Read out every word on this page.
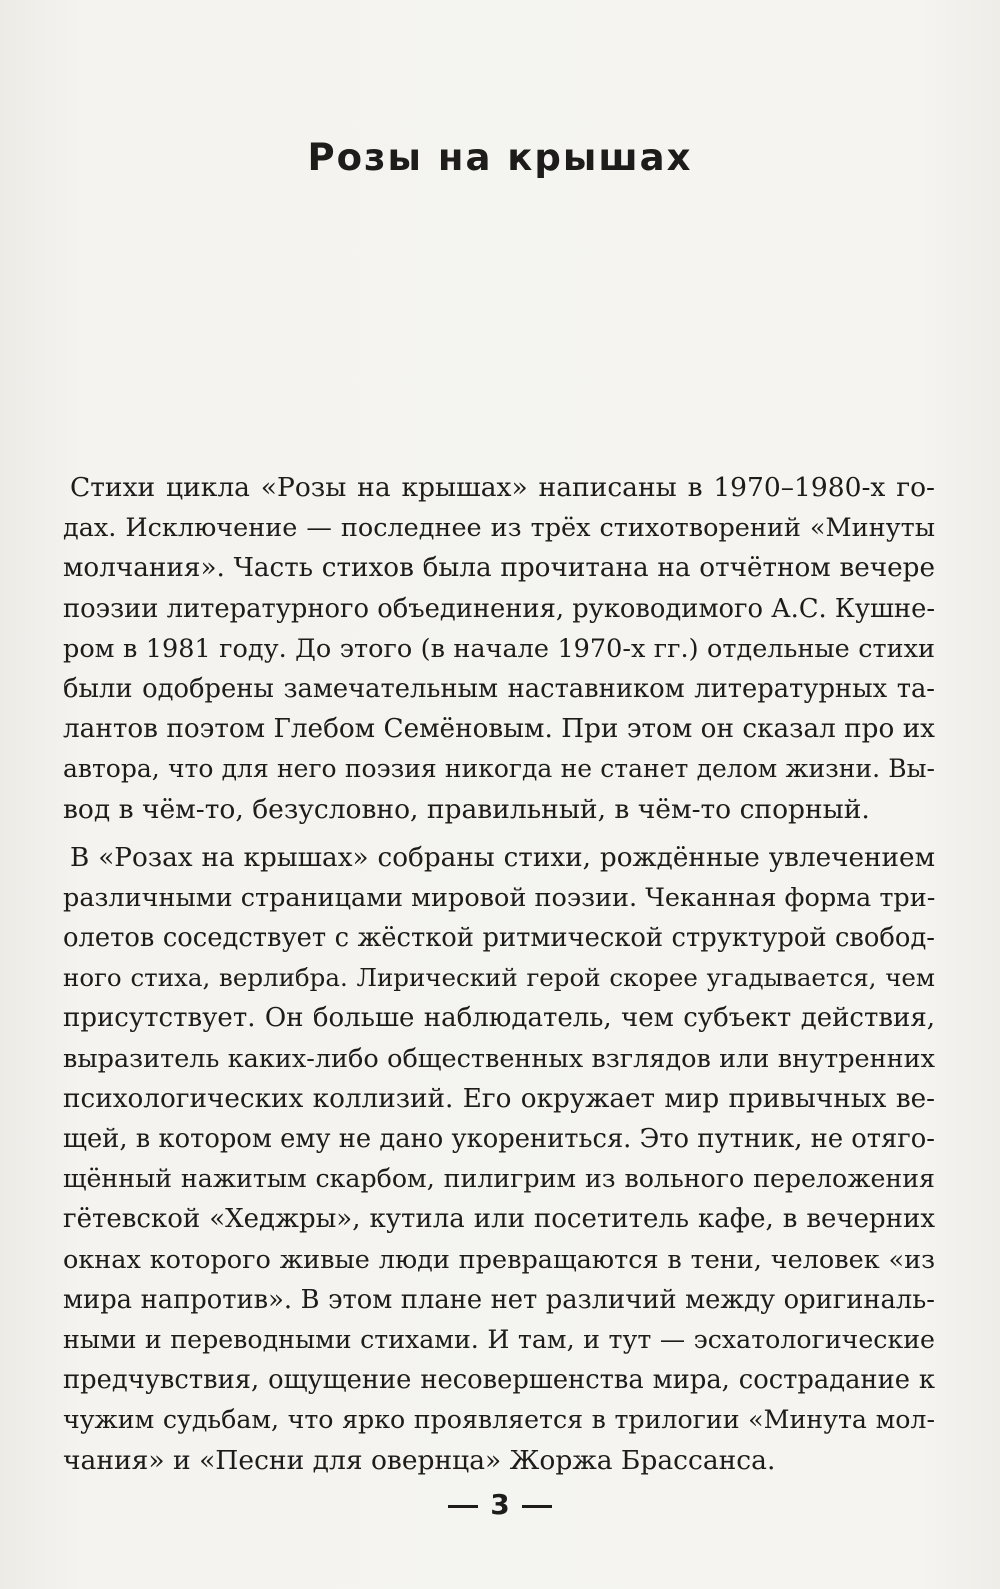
Розы на крышах
Стихи цикла «Розы на крышах» написаны в 1970–1980-х го-
дах. Исключение — последнее из трёх стихотворений «Минуты
молчания». Часть стихов была прочитана на отчётном вечере
поэзии литературного объединения, руководимого А.С. Кушне-
ром в 1981 году. До этого (в начале 1970-х гг.) отдельные стихи
были одобрены замечательным наставником литературных та-
лантов поэтом Глебом Семёновым. При этом он сказал про их
автора, что для него поэзия никогда не станет делом жизни. Вы-
вод в чём-то, безусловно, правильный, в чём-то спорный.
В «Розах на крышах» собраны стихи, рождённые увлечением
различными страницами мировой поэзии. Чеканная форма три-
олетов соседствует с жёсткой ритмической структурой свобод-
ного стиха, верлибра. Лирический герой скорее угадывается, чем
присутствует. Он больше наблюдатель, чем субъект действия,
выразитель каких-либо общественных взглядов или внутренних
психологических коллизий. Его окружает мир привычных ве-
щей, в котором ему не дано укорениться. Это путник, не отяго-
щённый нажитым скарбом, пилигрим из вольного переложения
гётевской «Хеджры», кутила или посетитель кафе, в вечерних
окнах которого живые люди превращаются в тени, человек «из
мира напротив». В этом плане нет различий между оригиналь-
ными и переводными стихами. И там, и тут — эсхатологические
предчувствия, ощущение несовершенства мира, сострадание к
чужим судьбам, что ярко проявляется в трилогии «Минута мол-
чания» и «Песни для овернца» Жоржа Брассанса.
3
